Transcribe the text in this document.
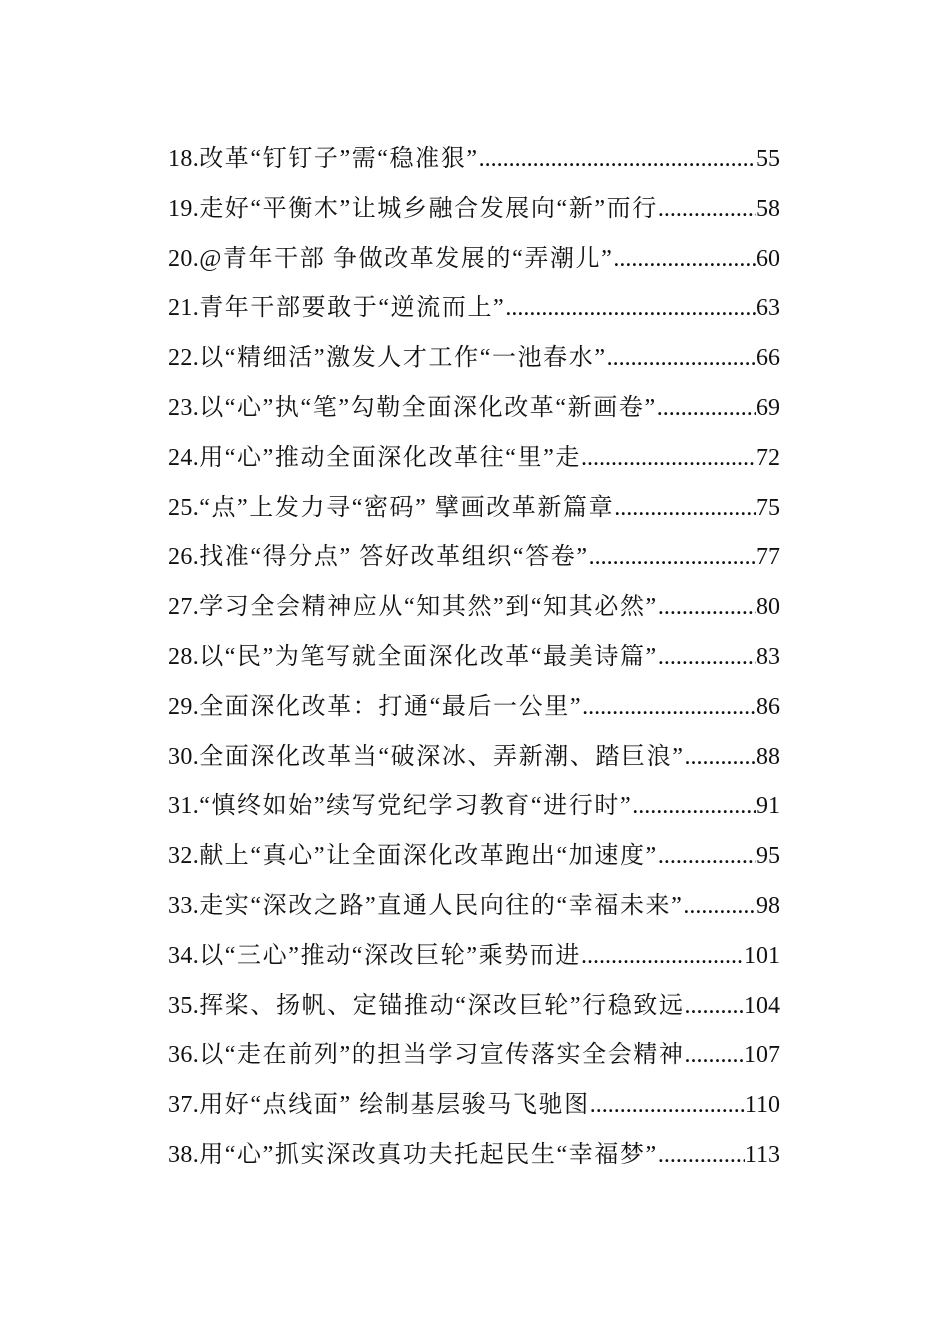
18. 改革“钉钉子”需“稳准狠” .....	55
19. 走好“平衡木”让城乡融合发展向“新”而行 .....	58
20. @青年干部 争做改革发展的“弄潮儿” .....	60
21. 青年干部要敢于“逆流而上” .....	63
22. 以“精细活”激发人才工作“一池春水” .....	66
23. 以“心”执“笔”勾勒全面深化改革“新画卷” .....	69
24. 用“心”推动全面深化改革往“里”走 .....	72
25. “点”上发力寻“密码” 擘画改革新篇章 .....	75
26. 找准“得分点” 答好改革组织“答卷” .....	77
27. 学习全会精神应从“知其然”到“知其必然” .....	80
28. 以“民”为笔写就全面深化改革“最美诗篇” .....	83
29. 全面深化改革：打通“最后一公里” .....	86
30. 全面深化改革当“破深冰、弄新潮、踏巨浪” .....	88
31. “慎终如始”续写党纪学习教育“进行时” .....	91
32. 献上“真心”让全面深化改革跑出“加速度” .....	95
33. 走实“深改之路”直通人民向往的“幸福未来” .....	98
34. 以“三心”推动“深改巨轮”乘势而进 .....	101
35. 挥桨、扬帆、定锚推动“深改巨轮”行稳致远 ..... 104
36. 以“走在前列”的担当学习宣传落实全会精神 ..... 107
37. 用好“点线面” 绘制基层骏马飞驰图 .....	110
38. 用“心”抓实深改真功夫托起民生“幸福梦” .....	113
